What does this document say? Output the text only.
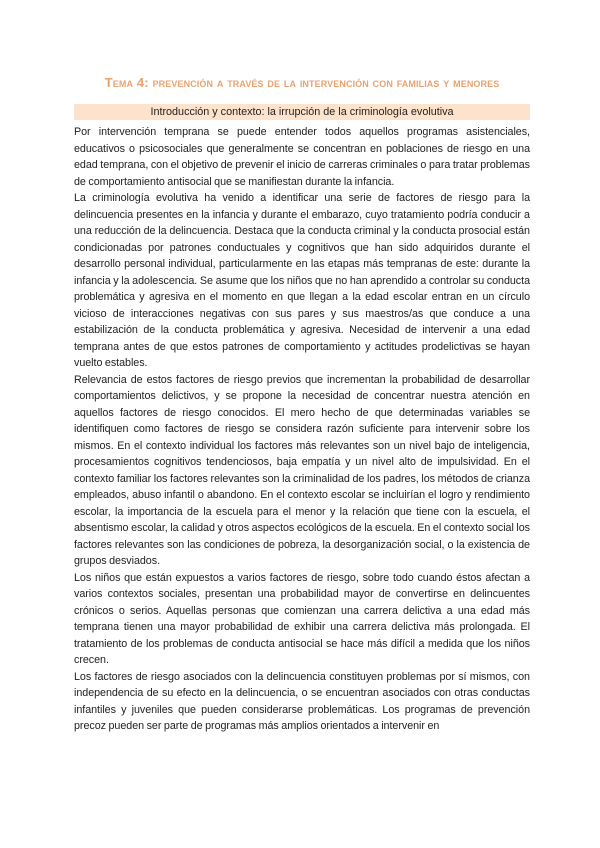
Tema 4: prevención a través de la intervención con familias y menores
Introducción y contexto: la irrupción de la criminología evolutiva

Por intervención temprana se puede entender todos aquellos programas asistenciales, educativos o psicosociales que generalmente se concentran en poblaciones de riesgo en una edad temprana, con el objetivo de prevenir el inicio de carreras criminales o para tratar problemas de comportamiento antisocial que se manifiestan durante la infancia.

La criminología evolutiva ha venido a identificar una serie de factores de riesgo para la delincuencia presentes en la infancia y durante el embarazo, cuyo tratamiento podría conducir a una reducción de la delincuencia. Destaca que la conducta criminal y la conducta prosocial están condicionadas por patrones conductuales y cognitivos que han sido adquiridos durante el desarrollo personal individual, particularmente en las etapas más tempranas de este: durante la infancia y la adolescencia. Se asume que los niños que no han aprendido a controlar su conducta problemática y agresiva en el momento en que llegan a la edad escolar entran en un círculo vicioso de interacciones negativas con sus pares y sus maestros/as que conduce a una estabilización de la conducta problemática y agresiva. Necesidad de intervenir a una edad temprana antes de que estos patrones de comportamiento y actitudes prodelictivas se hayan vuelto estables.

Relevancia de estos factores de riesgo previos que incrementan la probabilidad de desarrollar comportamientos delictivos, y se propone la necesidad de concentrar nuestra atención en aquellos factores de riesgo conocidos. El mero hecho de que determinadas variables se identifiquen como factores de riesgo se considera razón suficiente para intervenir sobre los mismos. En el contexto individual los factores más relevantes son un nivel bajo de inteligencia, procesamientos cognitivos tendenciosos, baja empatía y un nivel alto de impulsividad. En el contexto familiar los factores relevantes son la criminalidad de los padres, los métodos de crianza empleados, abuso infantil o abandono. En el contexto escolar se incluirían el logro y rendimiento escolar, la importancia de la escuela para el menor y la relación que tiene con la escuela, el absentismo escolar, la calidad y otros aspectos ecológicos de la escuela. En el contexto social los factores relevantes son las condiciones de pobreza, la desorganización social, o la existencia de grupos desviados.

Los niños que están expuestos a varios factores de riesgo, sobre todo cuando éstos afectan a varios contextos sociales, presentan una probabilidad mayor de convertirse en delincuentes crónicos o serios. Aquellas personas que comienzan una carrera delictiva a una edad más temprana tienen una mayor probabilidad de exhibir una carrera delictiva más prolongada. El tratamiento de los problemas de conducta antisocial se hace más difícil a medida que los niños crecen.

Los factores de riesgo asociados con la delincuencia constituyen problemas por sí mismos, con independencia de su efecto en la delincuencia, o se encuentran asociados con otras conductas infantiles y juveniles que pueden considerarse problemáticas. Los programas de prevención precoz pueden ser parte de programas más amplios orientados a intervenir en
